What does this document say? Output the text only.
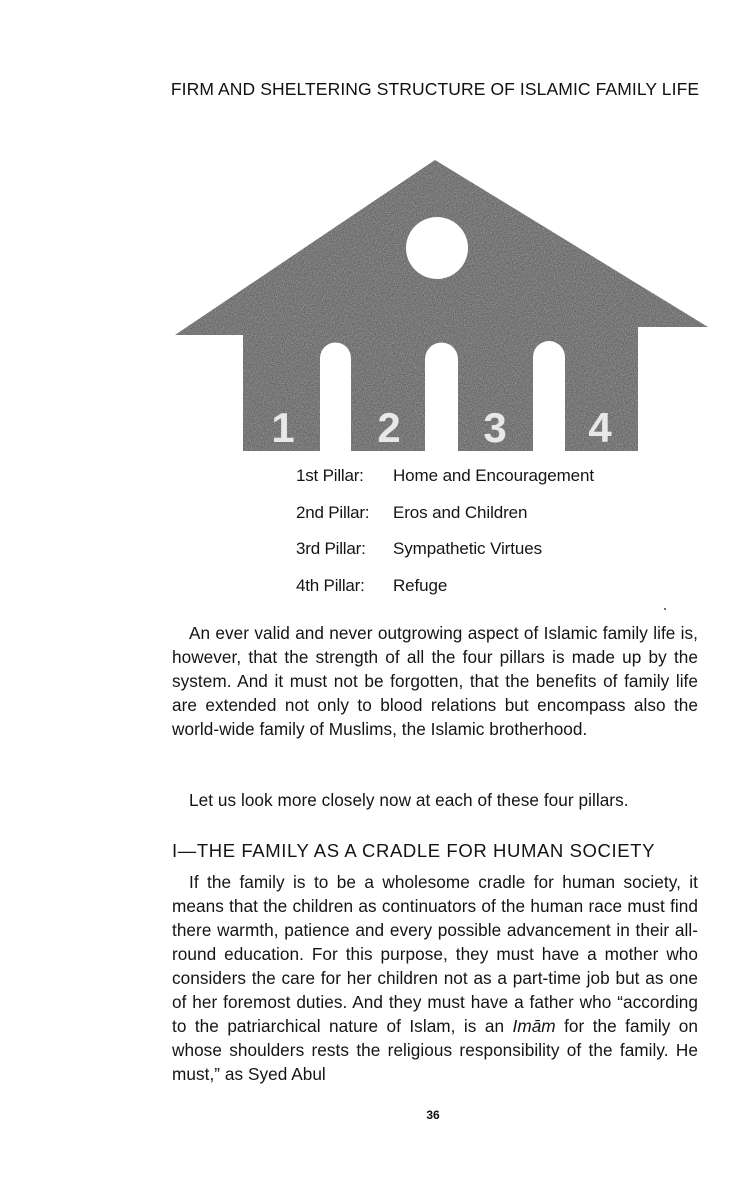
FIRM AND SHELTERING STRUCTURE OF ISLAMIC FAMILY LIFE
1 2 3 4
1st Pillar:	Home and Encouragement
2nd Pillar:	Eros and Children
3rd Pillar:	Sympathetic Virtues
4th Pillar:	Refuge

An ever valid and never outgrowing aspect of Islamic family life is, however, that the strength of all the four pillars is made up by the system. And it must not be forgotten, that the benefits of family life are extended not only to blood relations but encompass also the world-wide family of Muslims, the Islamic brotherhood.

Let us look more closely now at each of these four pillars.

I—THE FAMILY AS A CRADLE FOR HUMAN SOCIETY

If the family is to be a wholesome cradle for human society, it means that the children as continuators of the human race must find there warmth, patience and every possible advancement in their all-round education. For this purpose, they must have a mother who considers the care for her children not as a part-time job but as one of her foremost duties. And they must have a father who “according to the patriarchical nature of Islam, is an Imām for the family on whose shoulders rests the religious responsibility of the family. He must,” as Syed Abul

36
